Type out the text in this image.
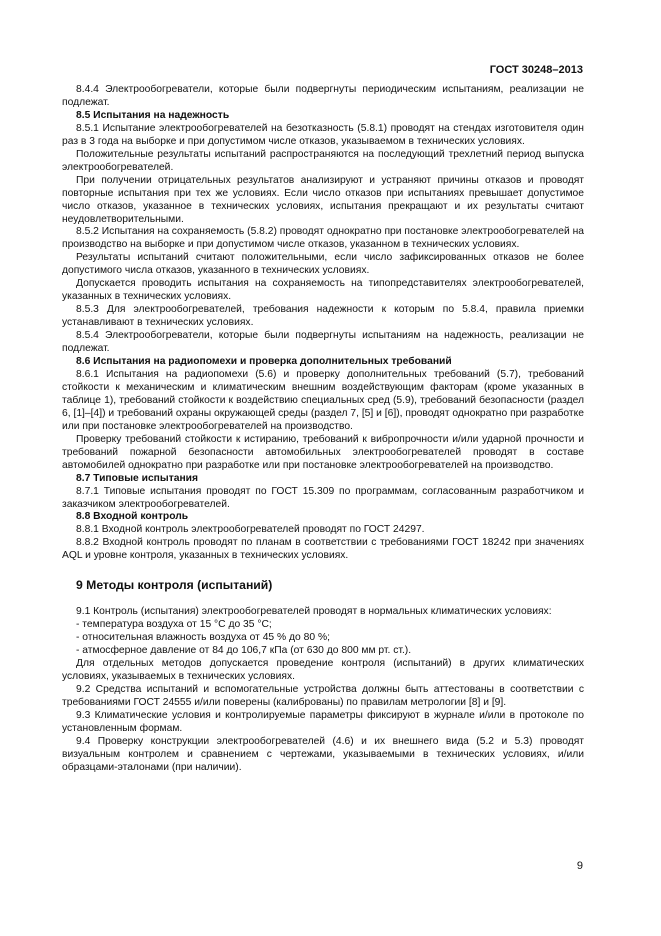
ГОСТ 30248–2013

8.4.4 Электрообогреватели, которые были подвергнуты периодическим испытаниям, реализации не подлежат.

8.5 Испытания на надежность

8.5.1 Испытание электрообогревателей на безотказность (5.8.1) проводят на стендах изготовителя один раз в 3 года на выборке и при допустимом числе отказов, указываемом в технических условиях.

Положительные результаты испытаний распространяются на последующий трехлетний период выпуска электрообогревателей.

При получении отрицательных результатов анализируют и устраняют причины отказов и проводят повторные испытания при тех же условиях. Если число отказов при испытаниях превышает допустимое число отказов, указанное в технических условиях, испытания прекращают и их результаты считают неудовлетворительными.

8.5.2 Испытания на сохраняемость (5.8.2) проводят однократно при постановке электрообогревателей на производство на выборке и при допустимом числе отказов, указанном в технических условиях.

Результаты испытаний считают положительными, если число зафиксированных отказов не более допустимого числа отказов, указанного в технических условиях.

Допускается проводить испытания на сохраняемость на типопредставителях электрообогревателей, указанных в технических условиях.

8.5.3 Для электрообогревателей, требования надежности к которым по 5.8.4, правила приемки устанавливают в технических условиях.

8.5.4 Электрообогреватели, которые были подвергнуты испытаниям на надежность, реализации не подлежат.

8.6 Испытания на радиопомехи и проверка дополнительных требований

8.6.1 Испытания на радиопомехи (5.6) и проверку дополнительных требований (5.7), требований стойкости к механическим и климатическим внешним воздействующим факторам (кроме указанных в таблице 1), требований стойкости к воздействию специальных сред (5.9), требований безопасности (раздел 6, [1]–[4]) и требований охраны окружающей среды (раздел 7, [5] и [6]), проводят однократно при разработке или при постановке электрообогревателей на производство.

Проверку требований стойкости к истиранию, требований к вибропрочности и/или ударной прочности и требований пожарной безопасности автомобильных электрообогревателей проводят в составе автомобилей однократно при разработке или при постановке электрообогревателей на производство.

8.7 Типовые испытания

8.7.1 Типовые испытания проводят по ГОСТ 15.309 по программам, согласованным разработчиком и заказчиком электрообогревателей.

8.8 Входной контроль

8.8.1 Входной контроль электрообогревателей проводят по ГОСТ 24297.

8.8.2 Входной контроль проводят по планам в соответствии с требованиями ГОСТ 18242 при значениях AQL и уровне контроля, указанных в технических условиях.

9 Методы контроля (испытаний)

9.1 Контроль (испытания) электрообогревателей проводят в нормальных климатических условиях:

- температура воздуха от 15 °С до 35 °С;

- относительная влажность воздуха от 45 % до 80 %;

- атмосферное давление от 84 до 106,7 кПа (от 630 до 800 мм рт. ст.).

Для отдельных методов допускается проведение контроля (испытаний) в других климатических условиях, указываемых в технических условиях.

9.2 Средства испытаний и вспомогательные устройства должны быть аттестованы в соответствии с требованиями ГОСТ 24555 и/или поверены (калиброваны) по правилам метрологии [8] и [9].

9.3 Климатические условия и контролируемые параметры фиксируют в журнале и/или в протоколе по установленным формам.

9.4 Проверку конструкции электрообогревателей (4.6) и их внешнего вида (5.2 и 5.3) проводят визуальным контролем и сравнением с чертежами, указываемыми в технических условиях, и/или образцами-эталонами (при наличии).

9
